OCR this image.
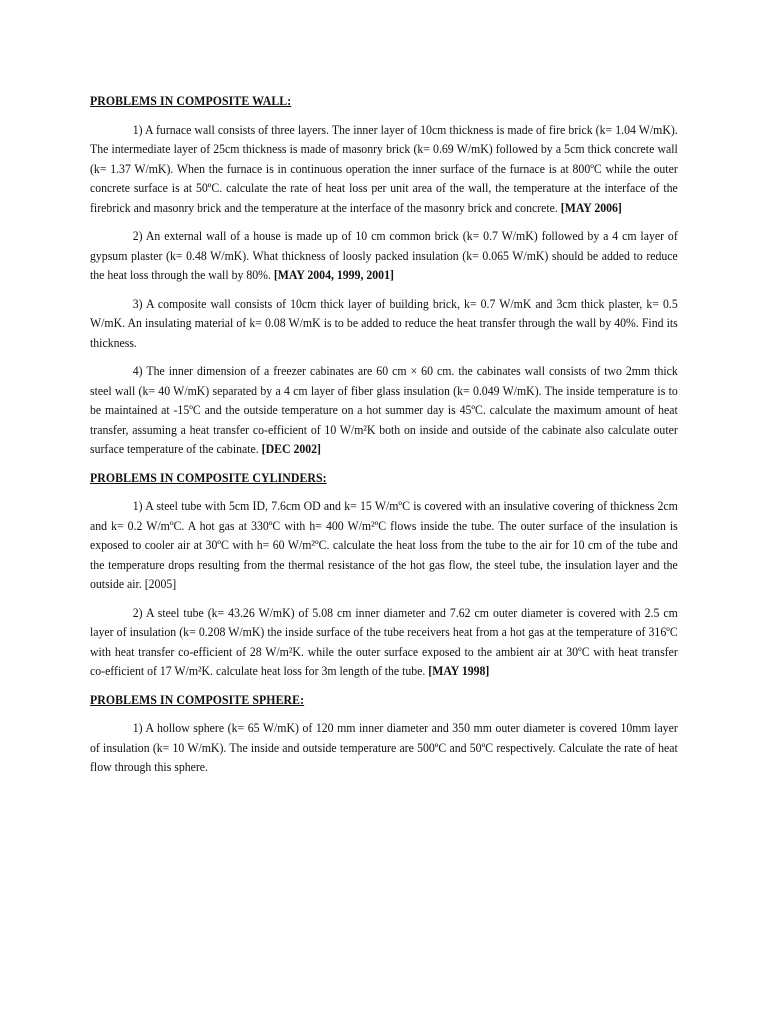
PROBLEMS IN COMPOSITE WALL:

1) A furnace wall consists of three layers. The inner layer of 10cm thickness is made of fire brick (k= 1.04 W/mK). The intermediate layer of 25cm thickness is made of masonry brick (k= 0.69 W/mK) followed by a 5cm thick concrete wall (k= 1.37 W/mK). When the furnace is in continuous operation the inner surface of the furnace is at 800ºC while the outer concrete surface is at 50ºC. calculate the rate of heat loss per unit area of the wall, the temperature at the interface of the firebrick and masonry brick and the temperature at the interface of the masonry brick and concrete. [MAY 2006]

2) An external wall of a house is made up of 10 cm common brick (k= 0.7 W/mK) followed by a 4 cm layer of gypsum plaster (k= 0.48 W/mK). What thickness of loosly packed insulation (k= 0.065 W/mK) should be added to reduce the heat loss through the wall by 80%. [MAY 2004, 1999, 2001]

3) A composite wall consists of 10cm thick layer of building brick, k= 0.7 W/mK and 3cm thick plaster, k= 0.5 W/mK. An insulating material of k= 0.08 W/mK is to be added to reduce the heat transfer through the wall by 40%. Find its thickness.

4) The inner dimension of a freezer cabinates are 60 cm × 60 cm. the cabinates wall consists of two 2mm thick steel wall (k= 40 W/mK) separated by a 4 cm layer of fiber glass insulation (k= 0.049 W/mK). The inside temperature is to be maintained at -15ºC and the outside temperature on a hot summer day is 45ºC. calculate the maximum amount of heat transfer, assuming a heat transfer co-efficient of 10 W/m²K both on inside and outside of the cabinate also calculate outer surface temperature of the cabinate. [DEC 2002]

PROBLEMS IN COMPOSITE CYLINDERS:

1) A steel tube with 5cm ID, 7.6cm OD and k= 15 W/mºC is covered with an insulative covering of thickness 2cm and k= 0.2 W/mºC. A hot gas at 330ºC with h= 400 W/m²ºC flows inside the tube. The outer surface of the insulation is exposed to cooler air at 30ºC with h= 60 W/m²ºC. calculate the heat loss from the tube to the air for 10 cm of the tube and the temperature drops resulting from the thermal resistance of the hot gas flow, the steel tube, the insulation layer and the outside air. [2005]

2) A steel tube (k= 43.26 W/mK) of 5.08 cm inner diameter and 7.62 cm outer diameter is covered with 2.5 cm layer of insulation (k= 0.208 W/mK) the inside surface of the tube receivers heat from a hot gas at the temperature of 316ºC with heat transfer co-efficient of 28 W/m²K. while the outer surface exposed to the ambient air at 30ºC with heat transfer co-efficient of 17 W/m²K. calculate heat loss for 3m length of the tube. [MAY 1998]

PROBLEMS IN COMPOSITE SPHERE:

1) A hollow sphere (k= 65 W/mK) of 120 mm inner diameter and 350 mm outer diameter is covered 10mm layer of insulation (k= 10 W/mK). The inside and outside temperature are 500ºC and 50ºC respectively. Calculate the rate of heat flow through this sphere.
